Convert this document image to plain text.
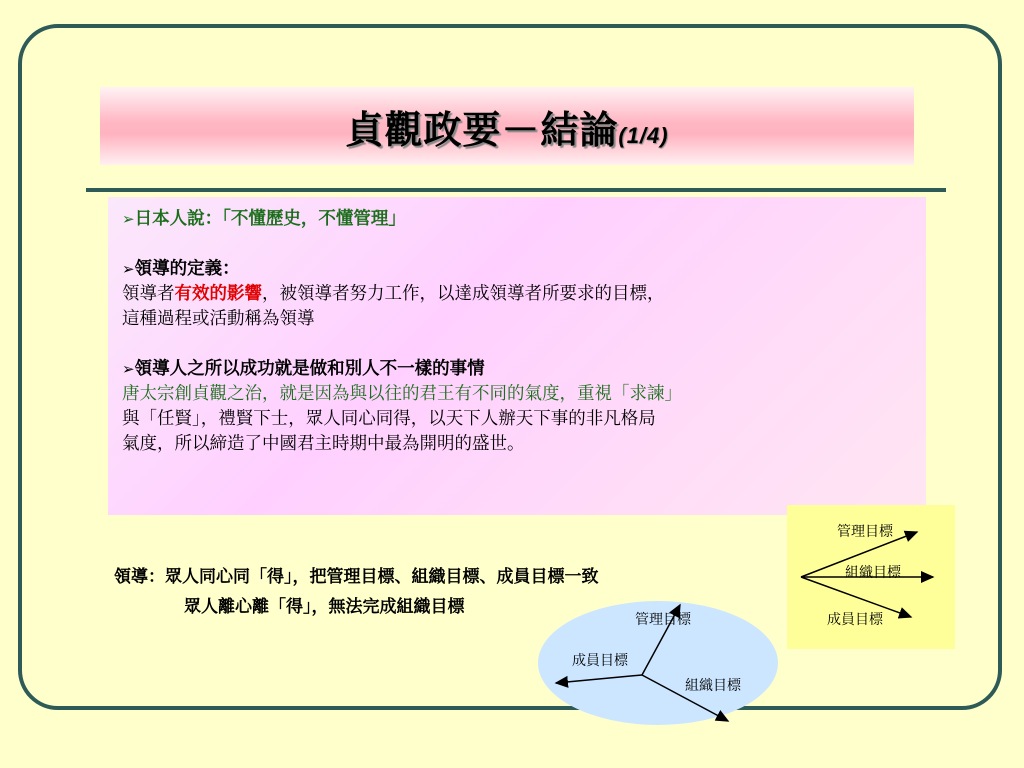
貞觀政要－結論(1/4)
➢日本人說：「不懂歷史，不懂管理」
➢領導的定義：
領導者有效的影響，被領導者努力工作，以達成領導者所要求的目標，
這種過程或活動稱為領導
➢領導人之所以成功就是做和別人不一樣的事情
唐太宗創貞觀之治，就是因為與以往的君王有不同的氣度，重視「求諫」
與「任賢」，禮賢下士，眾人同心同得，以天下人辦天下事的非凡格局
氣度，所以締造了中國君主時期中最為開明的盛世。
領導：眾人同心同「得」，把管理目標、組織目標、成員目標一致
眾人離心離「得」，無法完成組織目標
管理目標
組織目標
成員目標
管理目標
成員目標
組織目標
